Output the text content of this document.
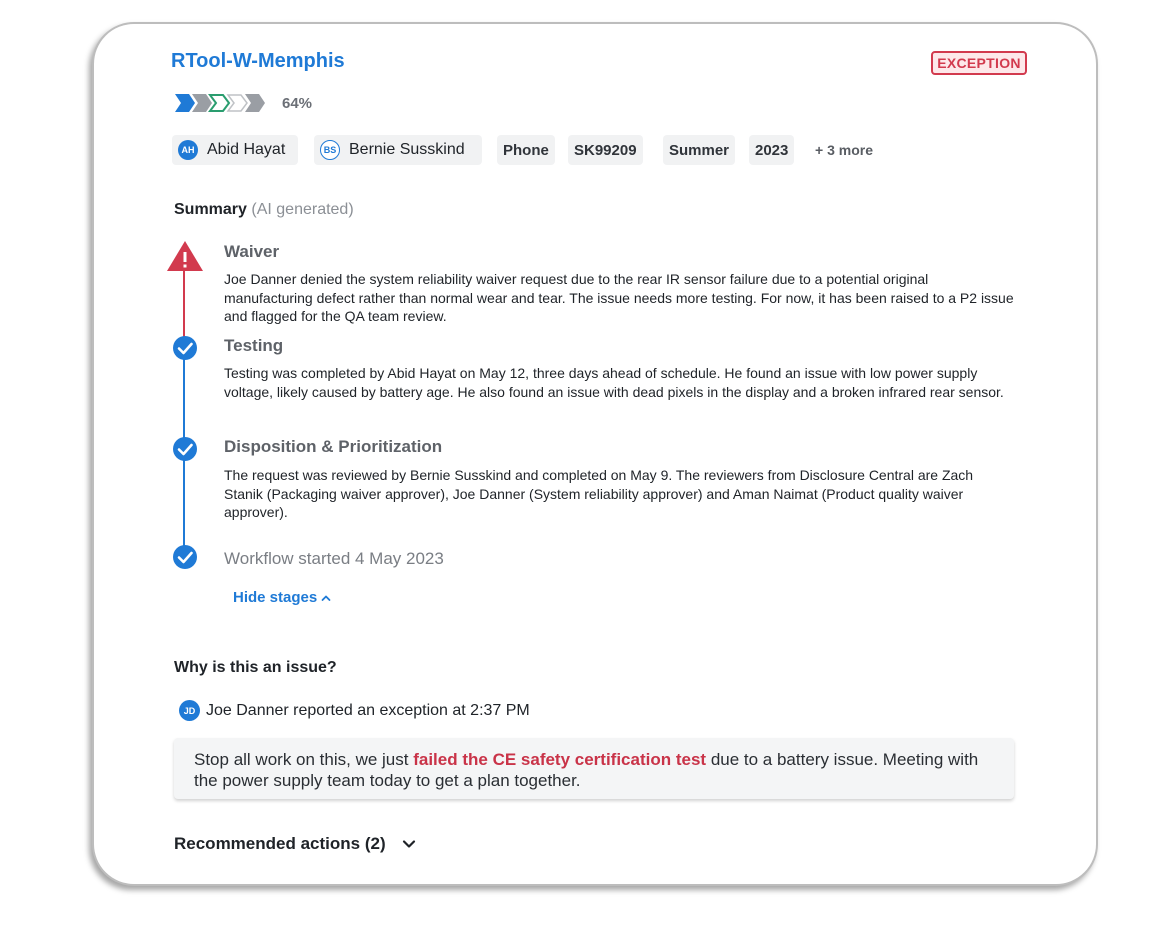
RTool-W-Memphis	EXCEPTION
64%
AH Abid Hayat	BS Bernie Susskind	Phone	SK99209	Summer	2023	+ 3 more
Summary (AI generated)
Waiver
Joe Danner denied the system reliability waiver request due to the rear IR sensor failure due to a potential original manufacturing defect rather than normal wear and tear. The issue needs more testing. For now, it has been raised to a P2 issue and flagged for the QA team review.
Testing
Testing was completed by Abid Hayat on May 12, three days ahead of schedule. He found an issue with low power supply voltage, likely caused by battery age. He also found an issue with dead pixels in the display and a broken infrared rear sensor.
Disposition & Prioritization
The request was reviewed by Bernie Susskind and completed on May 9. The reviewers from Disclosure Central are Zach Stanik (Packaging waiver approver), Joe Danner (System reliability approver) and Aman Naimat (Product quality waiver approver).
Workflow started 4 May 2023
Hide stages
Why is this an issue?
JD Joe Danner reported an exception at 2:37 PM
Stop all work on this, we just failed the CE safety certification test due to a battery issue. Meeting with the power supply team today to get a plan together.
Recommended actions (2)
